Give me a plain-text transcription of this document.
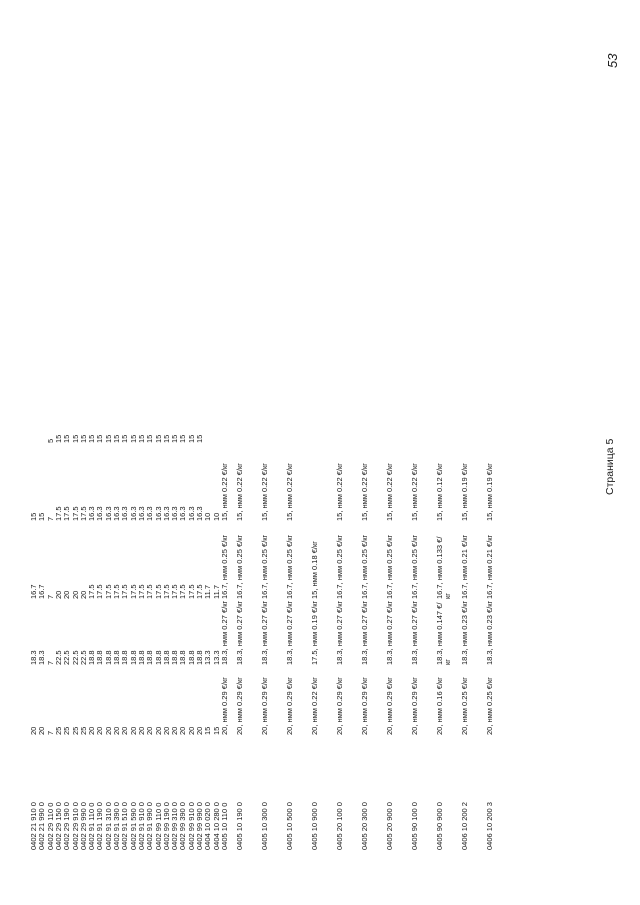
0402 21 910 0
20
18.3
16.7
15
0402 21 990 0
20
18.3
16.7
15
0402 29 110 0
7
7
7
7
5
0402 29 150 0
25
22.5
20
17.5
15
0402 29 190 0
25
22.5
20
17.5
15
0402 29 910 0
25
22.5
20
17.5
15
0402 29 990 0
25
22.5
20
17.5
15
0402 91 110 0
20
18.8
17.5
16.3
15
0402 91 190 0
20
18.8
17.5
16.3
15
0402 91 310 0
20
18.8
17.5
16.3
15
0402 91 390 0
20
18.8
17.5
16.3
15
0402 91 510 0
20
18.8
17.5
16.3
15
0402 91 590 0
20
18.8
17.5
16.3
15
0402 91 910 0
20
18.8
17.5
16.3
15
0402 91 990 0
20
18.8
17.5
16.3
15
0402 99 110 0
20
18.8
17.5
16.3
15
0402 99 190 0
20
18.8
17.5
16.3
15
0402 99 310 0
20
18.8
17.5
16.3
15
0402 99 390 0
20
18.8
17.5
16.3
15
0402 99 910 0
20
18.8
17.5
16.3
15
0402 99 990 0
20
18.8
17.5
16.3
15
0404 10 020 0
15
13.3
11.7
10
0404 10 280 0
15
13.3
11.7
10
0405 10 110 0
20, нмм 0.29 €/кг
18.3, нмм 0.27 €/кг
16.7, нмм 0.25 €/кг
15, нмм 0.22 €/кг
0405 10 190 0
20, нмм 0.29 €/кг
18.3, нмм 0.27 €/кг
16.7, нмм 0.25 €/кг
15, нмм 0.22 €/кг
0405 10 300 0
20, нмм 0.29 €/кг
18.3, нмм 0.27 €/кг
16.7, нмм 0.25 €/кг
15, нмм 0.22 €/кг
0405 10 500 0
20, нмм 0.29 €/кг
18.3, нмм 0.27 €/кг
16.7, нмм 0.25 €/кг
15, нмм 0.22 €/кг
0405 10 900 0
20, нмм 0.22 €/кг
17.5, нмм 0.19 €/кг
15, нмм 0.18 €/кг
0405 20 100 0
20, нмм 0.29 €/кг
18.3, нмм 0.27 €/кг
16.7, нмм 0.25 €/кг
15, нмм 0.22 €/кг
0405 20 300 0
20, нмм 0.29 €/кг
18.3, нмм 0.27 €/кг
16.7, нмм 0.25 €/кг
15, нмм 0.22 €/кг
0405 20 900 0
20, нмм 0.29 €/кг
18.3, нмм 0.27 €/кг
16.7, нмм 0.25 €/кг
15, нмм 0.22 €/кг
0405 90 100 0
20, нмм 0.29 €/кг
18.3, нмм 0.27 €/кг
16.7, нмм 0.25 €/кг
15, нмм 0.22 €/кг
0405 90 900 0
20, нмм 0.16 €/кг
18.3, нмм 0.147 €/кг
16.7, нмм 0.133 €/кг
15, нмм 0.12 €/кг
0406 10 200 2
20, нмм 0.25 €/кг
18.3, нмм 0.23 €/кг
16.7, нмм 0.21 €/кг
15, нмм 0.19 €/кг
0406 10 200 3
20, нмм 0.25 €/кг
18.3, нмм 0.23 €/кг
16.7, нмм 0.21 €/кг
15, нмм 0.19 €/кг	Страница 5
53
